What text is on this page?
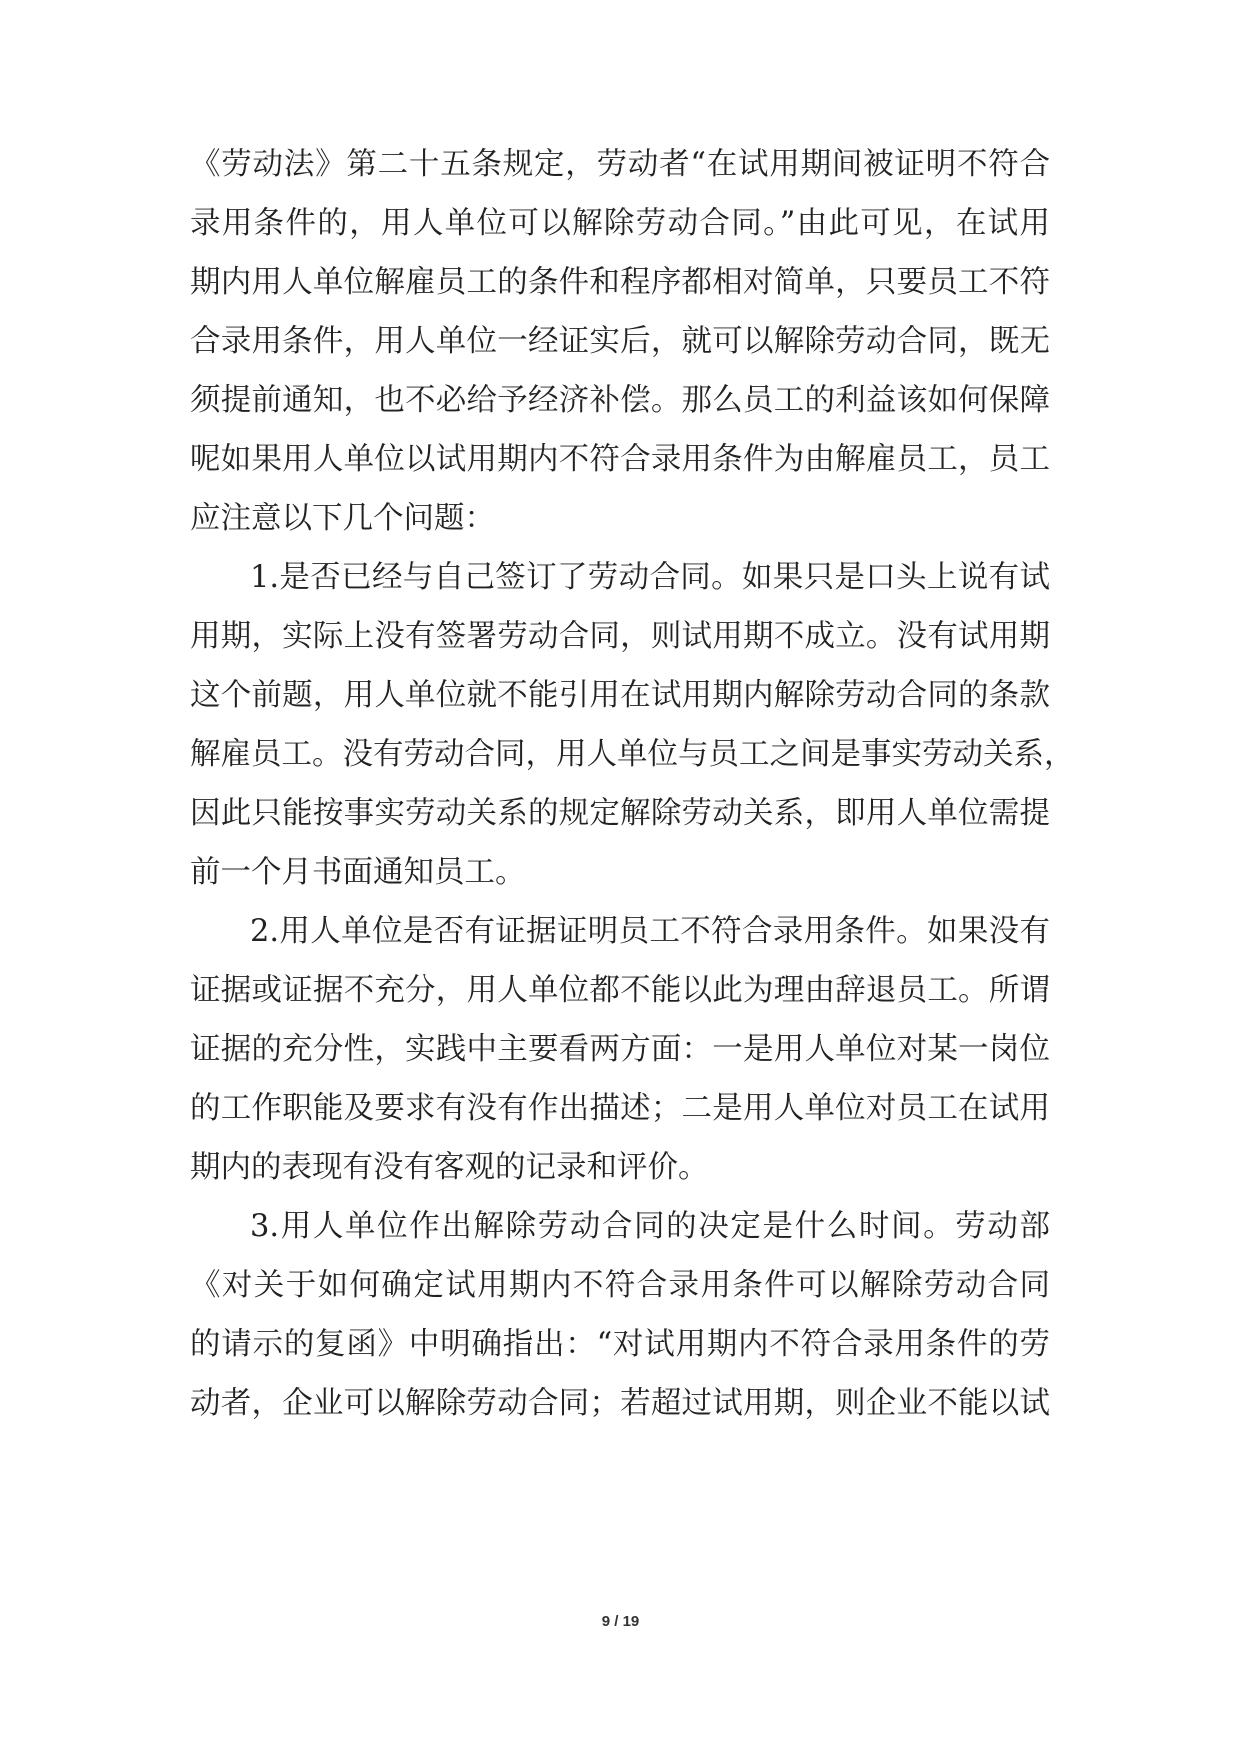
《劳动法》第二十五条规定，劳动者“在试用期间被证明不符合
录用条件的，用人单位可以解除劳动合同。”由此可见，在试用
期内用人单位解雇员工的条件和程序都相对简单，只要员工不符
合录用条件，用人单位一经证实后，就可以解除劳动合同，既无
须提前通知，也不必给予经济补偿。那么员工的利益该如何保障
呢如果用人单位以试用期内不符合录用条件为由解雇员工，员工
应注意以下几个问题：
1.是否已经与自己签订了劳动合同。如果只是口头上说有试
用期，实际上没有签署劳动合同，则试用期不成立。没有试用期
这个前题，用人单位就不能引用在试用期内解除劳动合同的条款
解雇员工。没有劳动合同，用人单位与员工之间是事实劳动关系，
因此只能按事实劳动关系的规定解除劳动关系，即用人单位需提
前一个月书面通知员工。
2.用人单位是否有证据证明员工不符合录用条件。如果没有
证据或证据不充分，用人单位都不能以此为理由辞退员工。所谓
证据的充分性，实践中主要看两方面：一是用人单位对某一岗位
的工作职能及要求有没有作出描述；二是用人单位对员工在试用
期内的表现有没有客观的记录和评价。
3.用人单位作出解除劳动合同的决定是什么时间。劳动部
《对关于如何确定试用期内不符合录用条件可以解除劳动合同
的请示的复函》中明确指出：“对试用期内不符合录用条件的劳
动者，企业可以解除劳动合同；若超过试用期，则企业不能以试
9 / 19
